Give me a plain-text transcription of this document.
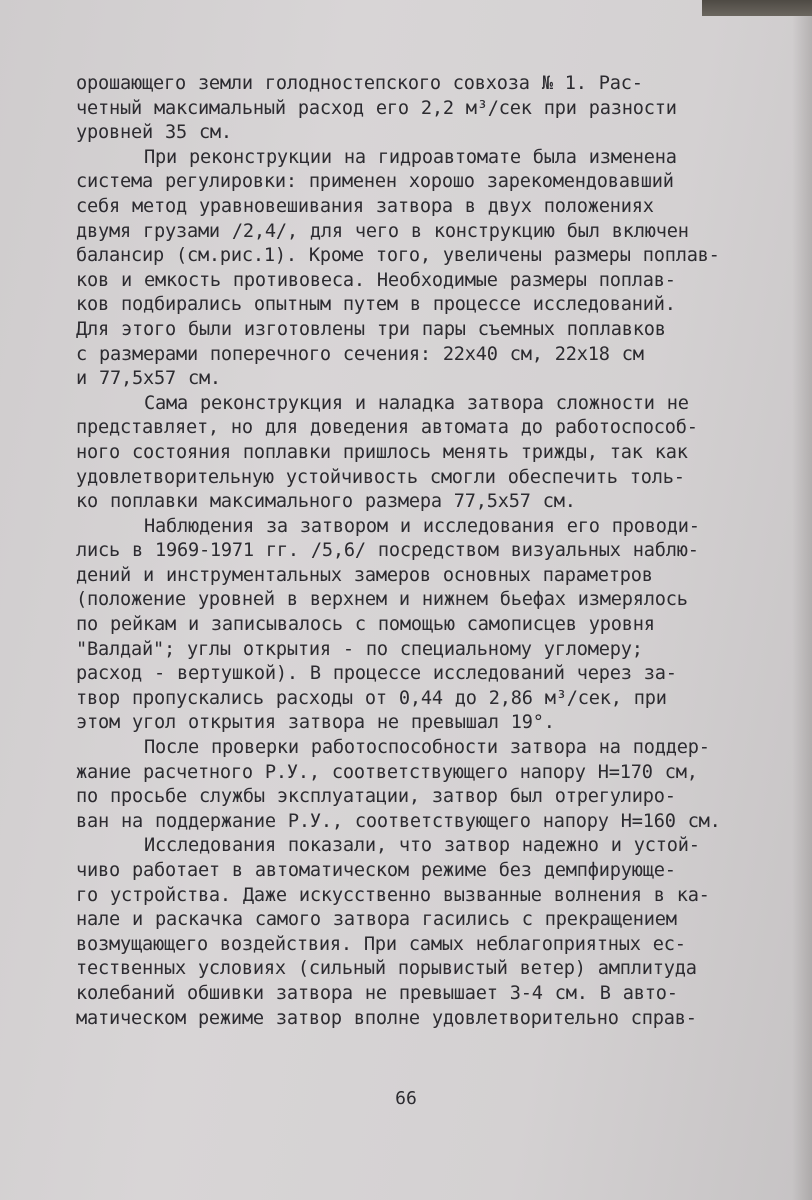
орошающего земли голодностепского совхоза № 1. Рас-
четный максимальный расход его 2,2 м³/сек при разности
уровней 35 см.
При реконструкции на гидроавтомате была изменена
система регулировки: применен хорошо зарекомендовавший
себя метод уравновешивания затвора в двух положениях
двумя грузами /2,4/, для чего в конструкцию был включен
балансир (см.рис.1). Кроме того, увеличены размеры поплав-
ков и емкость противовеса. Необходимые размеры поплав-
ков подбирались опытным путем в процессе исследований.
Для этого были изготовлены три пары съемных поплавков
с размерами поперечного сечения: 22х40 см, 22х18 см
и 77,5х57 см.
Сама реконструкция и наладка затвора сложности не
представляет, но для доведения автомата до работоспособ-
ного состояния поплавки пришлось менять трижды, так как
удовлетворительную устойчивость смогли обеспечить толь-
ко поплавки максимального размера 77,5х57 см.
Наблюдения за затвором и исследования его проводи-
лись в 1969-1971 гг. /5,6/ посредством визуальных наблю-
дений и инструментальных замеров основных параметров
(положение уровней в верхнем и нижнем бьефах измерялось
по рейкам и записывалось с помощью самописцев уровня
"Валдай"; углы открытия - по специальному угломеру;
расход - вертушкой). В процессе исследований через за-
твор пропускались расходы от 0,44 до 2,86 м³/сек, при
этом угол открытия затвора не превышал 19°.
После проверки работоспособности затвора на поддер-
жание расчетного Р.У., соответствующего напору Н=170 см,
по просьбе службы эксплуатации, затвор был отрегулиро-
ван на поддержание Р.У., соответствующего напору Н=160 см.
Исследования показали, что затвор надежно и устой-
чиво работает в автоматическом режиме без демпфирующе-
го устройства. Даже искусственно вызванные волнения в ка-
нале и раскачка самого затвора гасились с прекращением
возмущающего воздействия. При самых неблагоприятных ес-
тественных условиях (сильный порывистый ветер) амплитуда
колебаний обшивки затвора не превышает 3-4 см. В авто-
матическом режиме затвор вполне удовлетворительно справ-
66
